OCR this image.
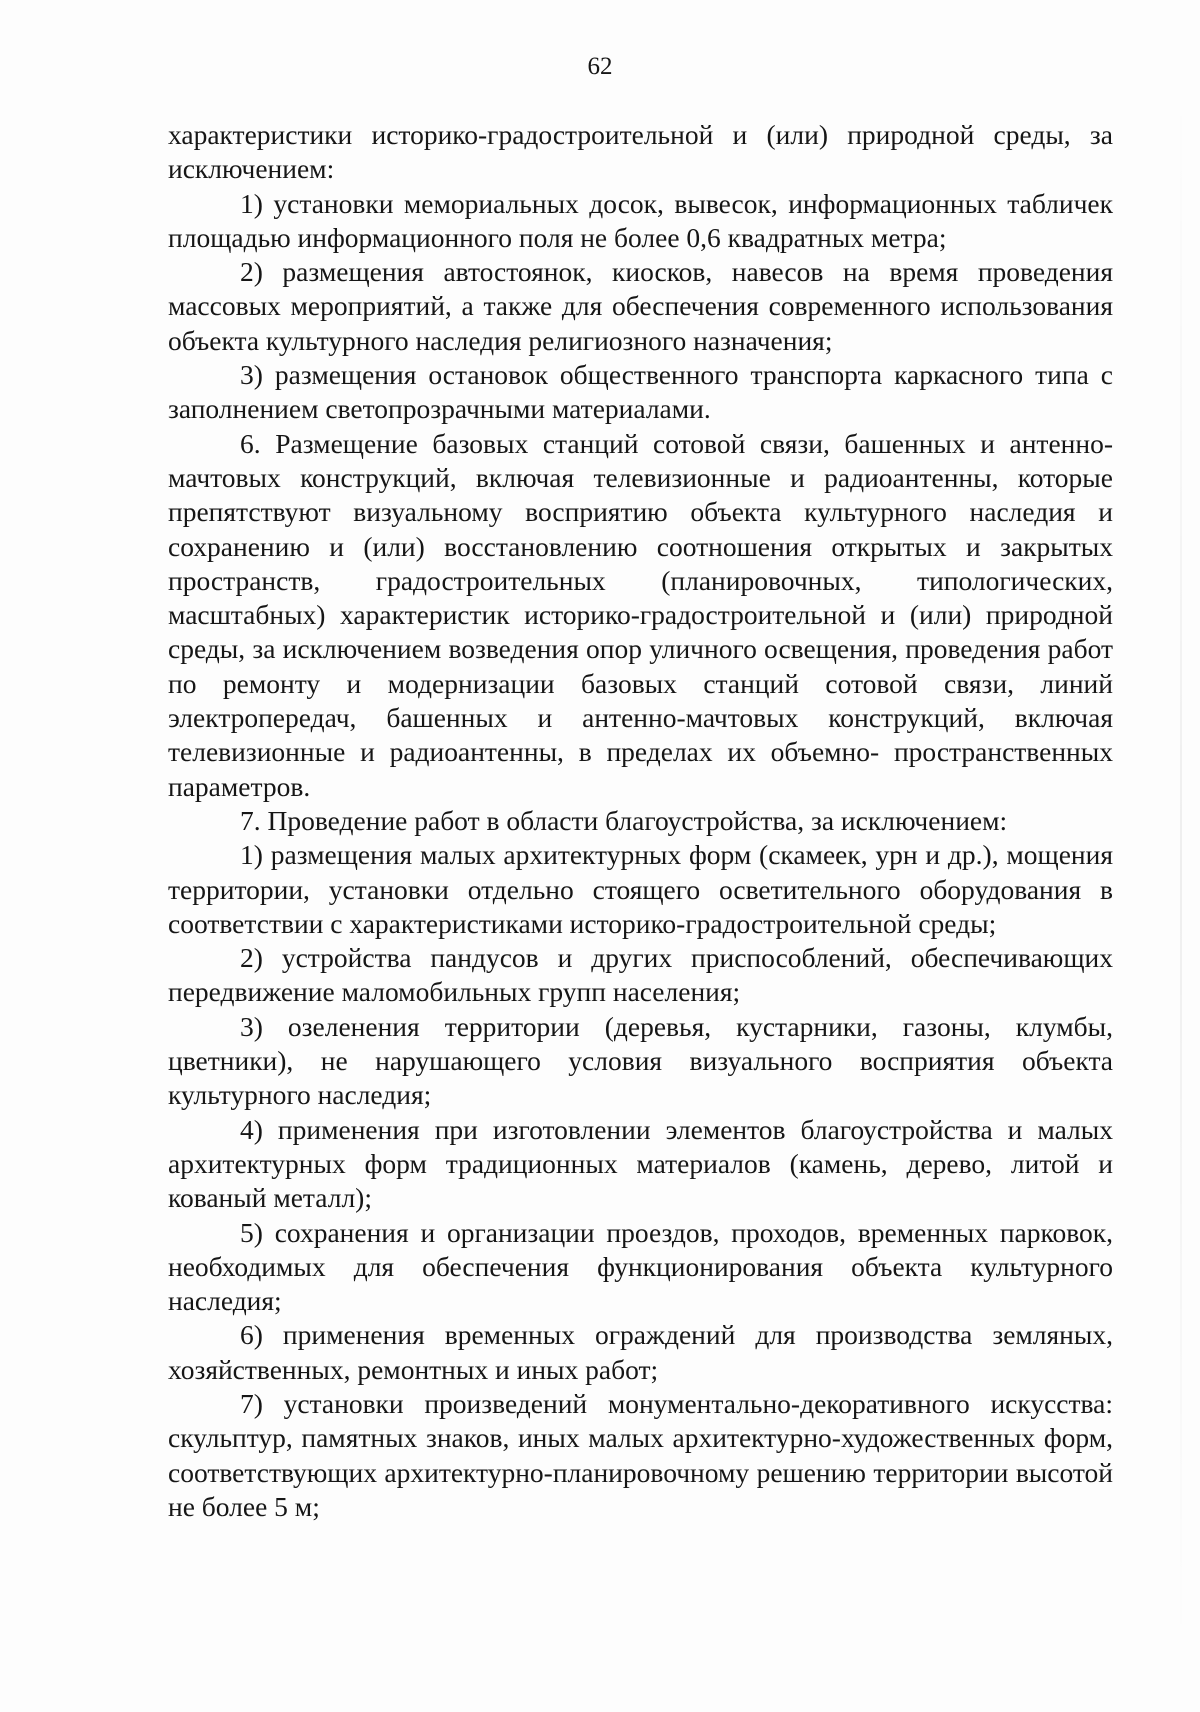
62

характеристики историко-градостроительной и (или) природной среды, за исключением:

1) установки мемориальных досок, вывесок, информационных табличек площадью информационного поля не более 0,6 квадратных метра;

2) размещения автостоянок, киосков, навесов на время проведения массовых мероприятий, а также для обеспечения современного использования объекта культурного наследия религиозного назначения;

3) размещения остановок общественного транспорта каркасного типа с заполнением светопрозрачными материалами.

6. Размещение базовых станций сотовой связи, башенных и антенно-мачтовых конструкций, включая телевизионные и радиоантенны, которые препятствуют визуальному восприятию объекта культурного наследия и сохранению и (или) восстановлению соотношения открытых и закрытых пространств, градостроительных (планировочных, типологических, масштабных) характеристик историко-градостроительной и (или) природной среды, за исключением возведения опор уличного освещения, проведения работ по ремонту и модернизации базовых станций сотовой связи, линий электропередач, башенных и антенно-мачтовых конструкций, включая телевизионные и радиоантенны, в пределах их объемно- пространственных параметров.

7. Проведение работ в области благоустройства, за исключением:

1) размещения малых архитектурных форм (скамеек, урн и др.), мощения территории, установки отдельно стоящего осветительного оборудования в соответствии с характеристиками историко-градостроительной среды;

2) устройства пандусов и других приспособлений, обеспечивающих передвижение маломобильных групп населения;

3) озеленения территории (деревья, кустарники, газоны, клумбы, цветники), не нарушающего условия визуального восприятия объекта культурного наследия;

4) применения при изготовлении элементов благоустройства и малых архитектурных форм традиционных материалов (камень, дерево, литой и кованый металл);

5) сохранения и организации проездов, проходов, временных парковок, необходимых для обеспечения функционирования объекта культурного наследия;

6) применения временных ограждений для производства земляных, хозяйственных, ремонтных и иных работ;

7) установки произведений монументально-декоративного искусства: скульптур, памятных знаков, иных малых архитектурно-художественных форм, соответствующих архитектурно-планировочному решению территории высотой не более 5 м;
